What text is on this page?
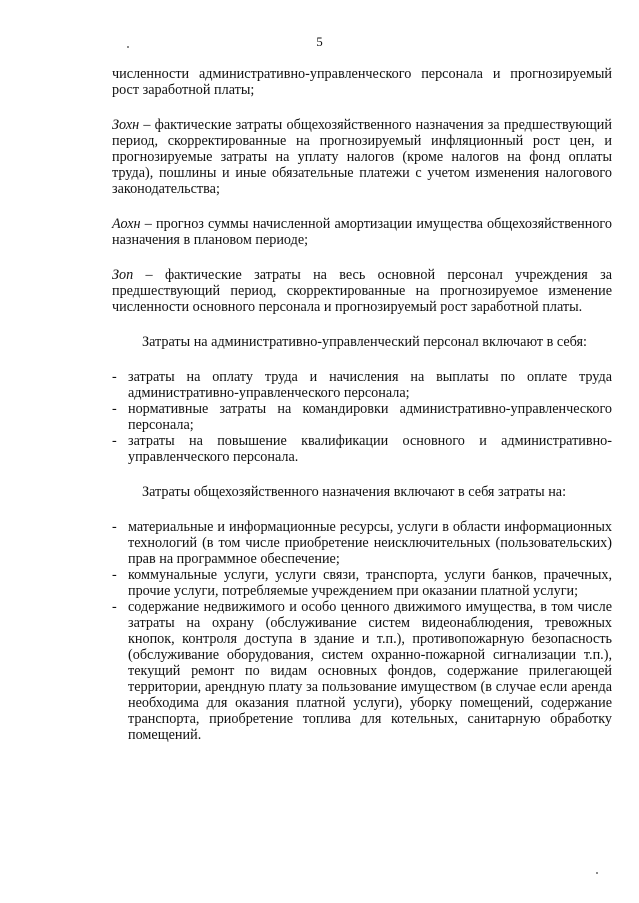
5

численности административно-управленческого персонала и прогнозируемый рост заработной платы;

Зохн – фактические затраты общехозяйственного назначения за предшествующий период, скорректированные на прогнозируемый инфляционный рост цен, и прогнозируемые затраты на уплату налогов (кроме налогов на фонд оплаты труда), пошлины и иные обязательные платежи с учетом изменения налогового законодательства;

Аохн – прогноз суммы начисленной амортизации имущества общехозяйственного назначения в плановом периоде;

Зоп – фактические затраты на весь основной персонал учреждения за предшествующий период, скорректированные на прогнозируемое изменение численности основного персонала и прогнозируемый рост заработной платы.

Затраты на административно-управленческий персонал включают в себя:

- затраты на оплату труда и начисления на выплаты по оплате труда административно-управленческого персонала;
- нормативные затраты на командировки административно-управленческого персонала;
- затраты на повышение квалификации основного и административно-управленческого персонала.

Затраты общехозяйственного назначения включают в себя затраты на:

- материальные и информационные ресурсы, услуги в области информационных технологий (в том числе приобретение неисключительных (пользовательских) прав на программное обеспечение;
- коммунальные услуги, услуги связи, транспорта, услуги банков, прачечных, прочие услуги, потребляемые учреждением при оказании платной услуги;
- содержание недвижимого и особо ценного движимого имущества, в том числе затраты на охрану (обслуживание систем видеонаблюдения, тревожных кнопок, контроля доступа в здание и т.п.), противопожарную безопасность (обслуживание оборудования, систем охранно-пожарной сигнализации т.п.), текущий ремонт по видам основных фондов, содержание прилегающей территории, арендную плату за пользование имуществом (в случае если аренда необходима для оказания платной услуги), уборку помещений, содержание транспорта, приобретение топлива для котельных, санитарную обработку помещений.
